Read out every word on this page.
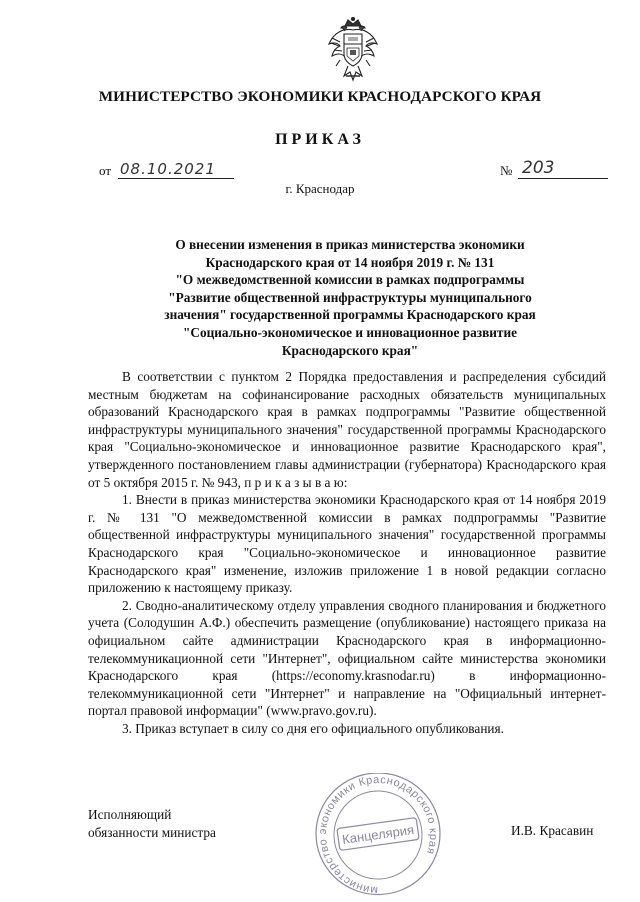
МИНИСТЕРСТВО ЭКОНОМИКИ КРАСНОДАРСКОГО КРАЯ
ПРИКАЗ
от 08.10.2021	№ 203
г. Краснодар
О внесении изменения в приказ министерства экономики
Краснодарского края от 14 ноября 2019 г. № 131
"О межведомственной комиссии в рамках подпрограммы
"Развитие общественной инфраструктуры муниципального
значения" государственной программы Краснодарского края
"Социально-экономическое и инновационное развитие
Краснодарского края"

В соответствии с пунктом 2 Порядка предоставления и распределения субсидий местным бюджетам на софинансирование расходных обязательств муниципальных образований Краснодарского края в рамках подпрограммы "Развитие общественной инфраструктуры муниципального значения" государственной программы Краснодарского края "Социально-экономическое и инновационное развитие Краснодарского края", утвержденного постановлением главы администрации (губернатора) Краснодарского края от 5 октября 2015 г. № 943, п р и к а з ы в а ю:

1. Внести в приказ министерства экономики Краснодарского края от 14 ноября 2019 г. № 131 "О межведомственной комиссии в рамках подпрограммы "Развитие общественной инфраструктуры муниципального значения" государственной программы Краснодарского края "Социально-экономическое и инновационное развитие Краснодарского края" изменение, изложив приложение 1 в новой редакции согласно приложению к настоящему приказу.

2. Сводно-аналитическому отделу управления сводного планирования и бюджетного учета (Солодушин А.Ф.) обеспечить размещение (опубликование) настоящего приказа на официальном сайте администрации Краснодарского края в информационно-телекоммуникационной сети "Интернет", официальном сайте министерства экономики Краснодарского края (https://economy.krasnodar.ru) в информационно-телекоммуникационной сети "Интернет" и направление на "Официальный интернет-портал правовой информации" (www.pravo.gov.ru).

3. Приказ вступает в силу со дня его официального опубликования.

Исполняющий
обязанности министра	И.В. Красавин
министерство экономики Краснодарского края
Канцелярия
